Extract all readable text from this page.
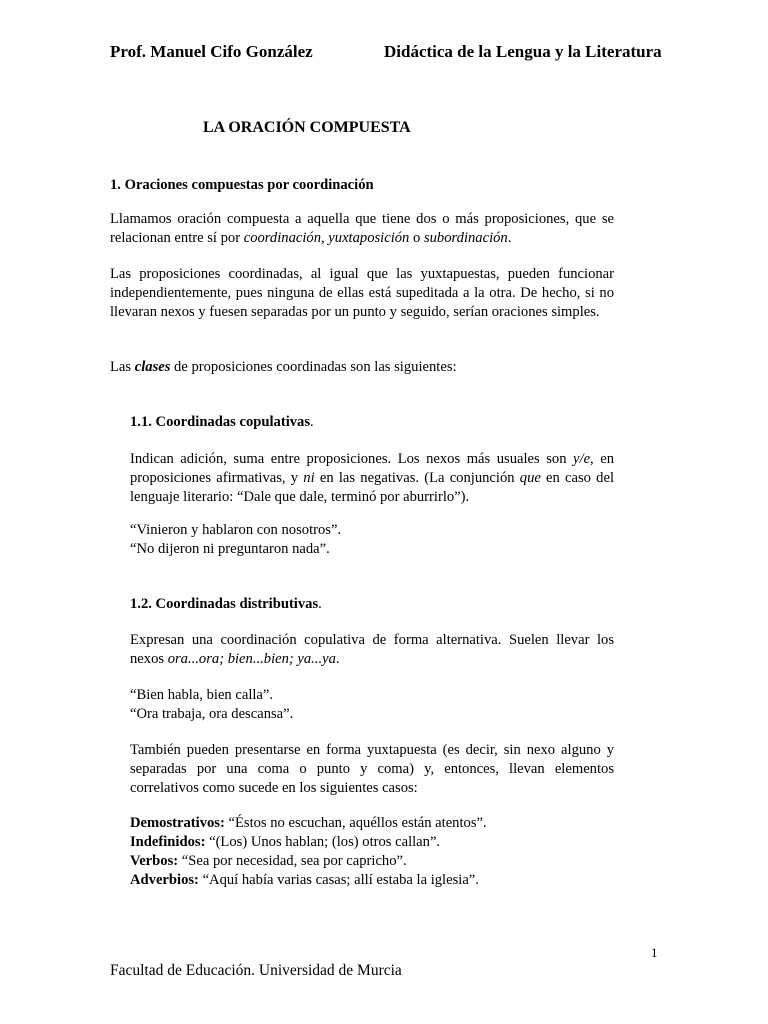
Prof. Manuel Cifo González	Didáctica de la Lengua y la Literatura
LA ORACIÓN COMPUESTA
1. Oraciones compuestas por coordinación
Llamamos oración compuesta a aquella que tiene dos o más proposiciones, que se relacionan entre sí por coordinación, yuxtaposición o subordinación.
Las proposiciones coordinadas, al igual que las yuxtapuestas, pueden funcionar independientemente, pues ninguna de ellas está supeditada a la otra. De hecho, si no llevaran nexos y fuesen separadas por un punto y seguido, serían oraciones simples.
Las clases de proposiciones coordinadas son las siguientes:
1.1. Coordinadas copulativas.
Indican adición, suma entre proposiciones. Los nexos más usuales son y/e, en proposiciones afirmativas, y ni en las negativas. (La conjunción que en caso del lenguaje literario: “Dale que dale, terminó por aburrirlo”).
“Vinieron y hablaron con nosotros”.
“No dijeron ni preguntaron nada”.
1.2. Coordinadas distributivas.
Expresan una coordinación copulativa de forma alternativa. Suelen llevar los nexos ora...ora; bien...bien; ya...ya.
“Bien habla, bien calla”.
“Ora trabaja, ora descansa”.
También pueden presentarse en forma yuxtapuesta (es decir, sin nexo alguno y separadas por una coma o punto y coma) y, entonces, llevan elementos correlativos como sucede en los siguientes casos:
Demostrativos: “Éstos no escuchan, aquéllos están atentos”.
Indefinidos: “(Los) Unos hablan; (los) otros callan”.
Verbos: “Sea por necesidad, sea por capricho”.
Adverbios: “Aquí había varias casas; allí estaba la iglesia”.
1
Facultad de Educación. Universidad de Murcia
